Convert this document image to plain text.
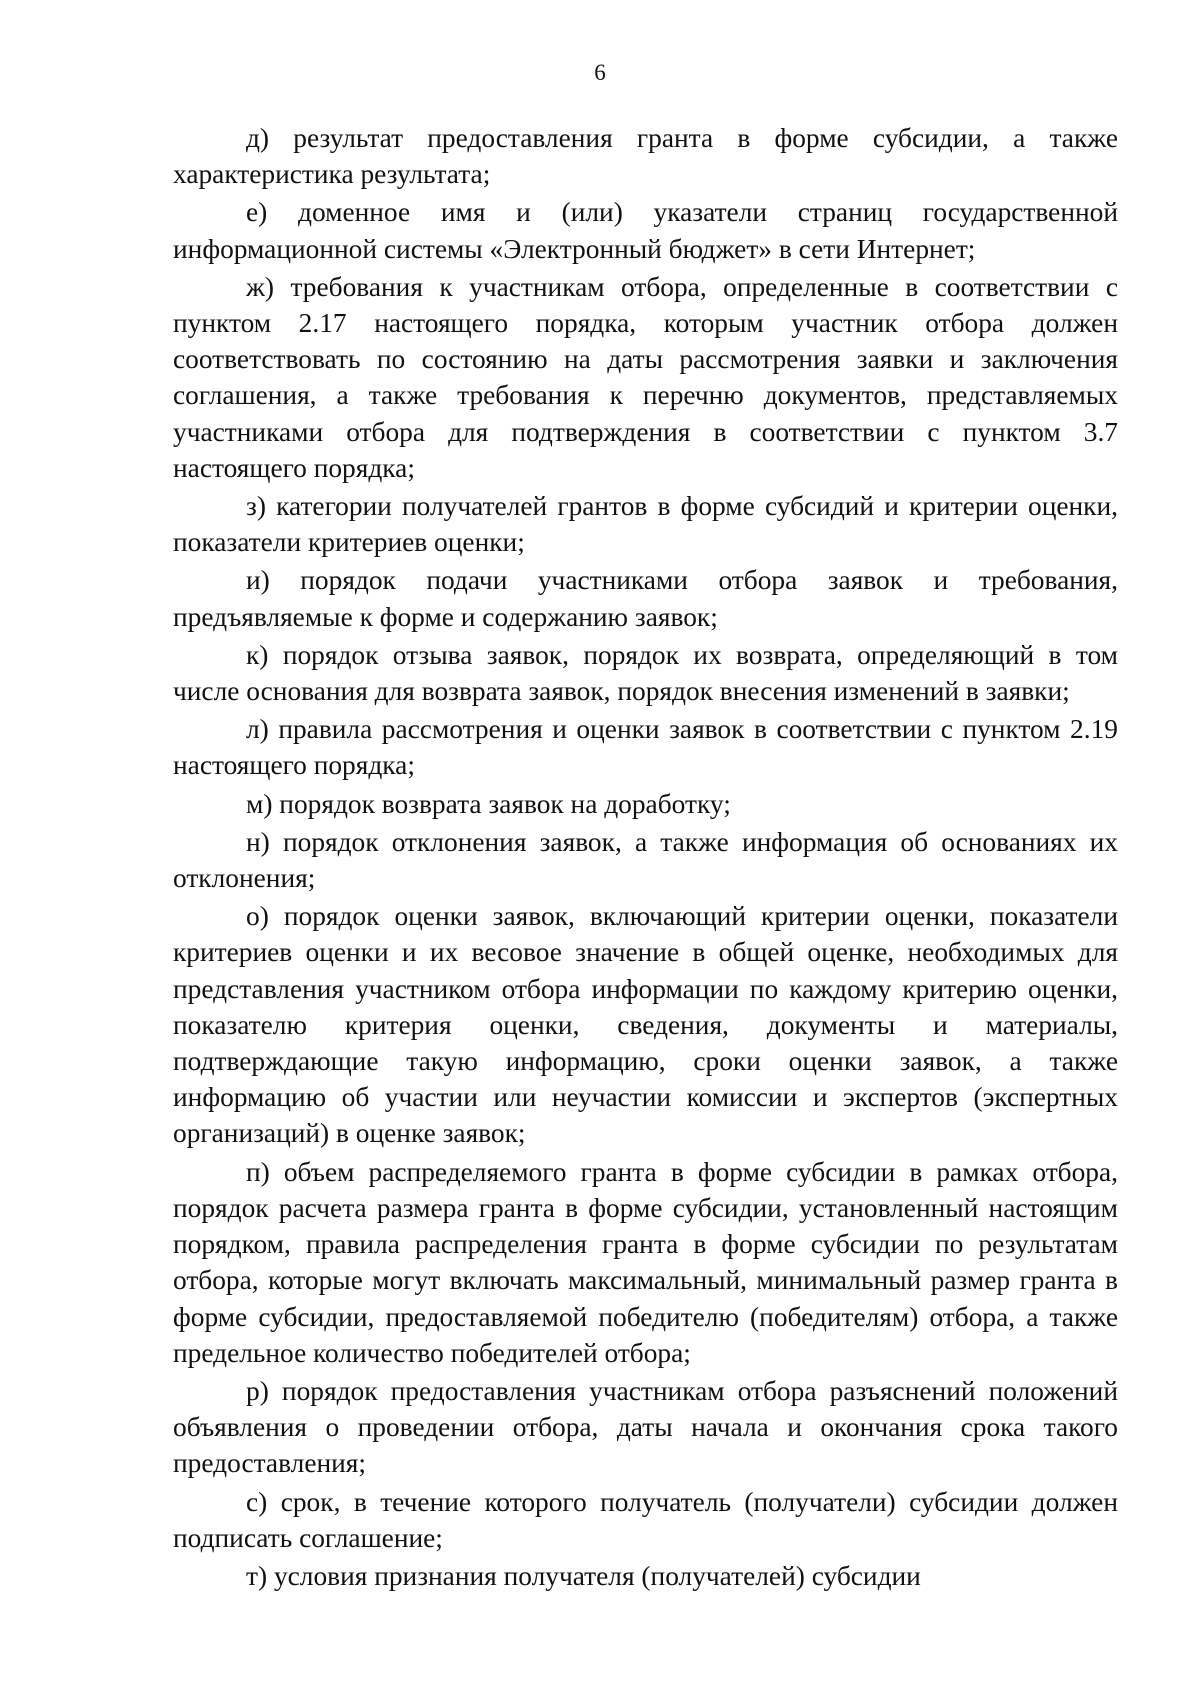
6

д) результат предоставления гранта в форме субсидии, а также характеристика результата;

е) доменное имя и (или) указатели страниц государственной информационной системы «Электронный бюджет» в сети Интернет;

ж) требования к участникам отбора, определенные в соответствии с пунктом 2.17 настоящего порядка, которым участник отбора должен соответствовать по состоянию на даты рассмотрения заявки и заключения соглашения, а также требования к перечню документов, представляемых участниками отбора для подтверждения в соответствии с пунктом 3.7 настоящего порядка;

з) категории получателей грантов в форме субсидий и критерии оценки, показатели критериев оценки;

и) порядок подачи участниками отбора заявок и требования, предъявляемые к форме и содержанию заявок;

к) порядок отзыва заявок, порядок их возврата, определяющий в том числе основания для возврата заявок, порядок внесения изменений в заявки;

л) правила рассмотрения и оценки заявок в соответствии с пунктом 2.19 настоящего порядка;

м) порядок возврата заявок на доработку;

н) порядок отклонения заявок, а также информация об основаниях их отклонения;

о) порядок оценки заявок, включающий критерии оценки, показатели критериев оценки и их весовое значение в общей оценке, необходимых для представления участником отбора информации по каждому критерию оценки, показателю критерия оценки, сведения, документы и материалы, подтверждающие такую информацию, сроки оценки заявок, а также информацию об участии или неучастии комиссии и экспертов (экспертных организаций) в оценке заявок;

п) объем распределяемого гранта в форме субсидии в рамках отбора, порядок расчета размера гранта в форме субсидии, установленный настоящим порядком, правила распределения гранта в форме субсидии по результатам отбора, которые могут включать максимальный, минимальный размер гранта в форме субсидии, предоставляемой победителю (победителям) отбора, а также предельное количество победителей отбора;

р) порядок предоставления участникам отбора разъяснений положений объявления о проведении отбора, даты начала и окончания срока такого предоставления;

с) срок, в течение которого получатель (получатели) субсидии должен подписать соглашение;

т) условия признания получателя (получателей) субсидии
